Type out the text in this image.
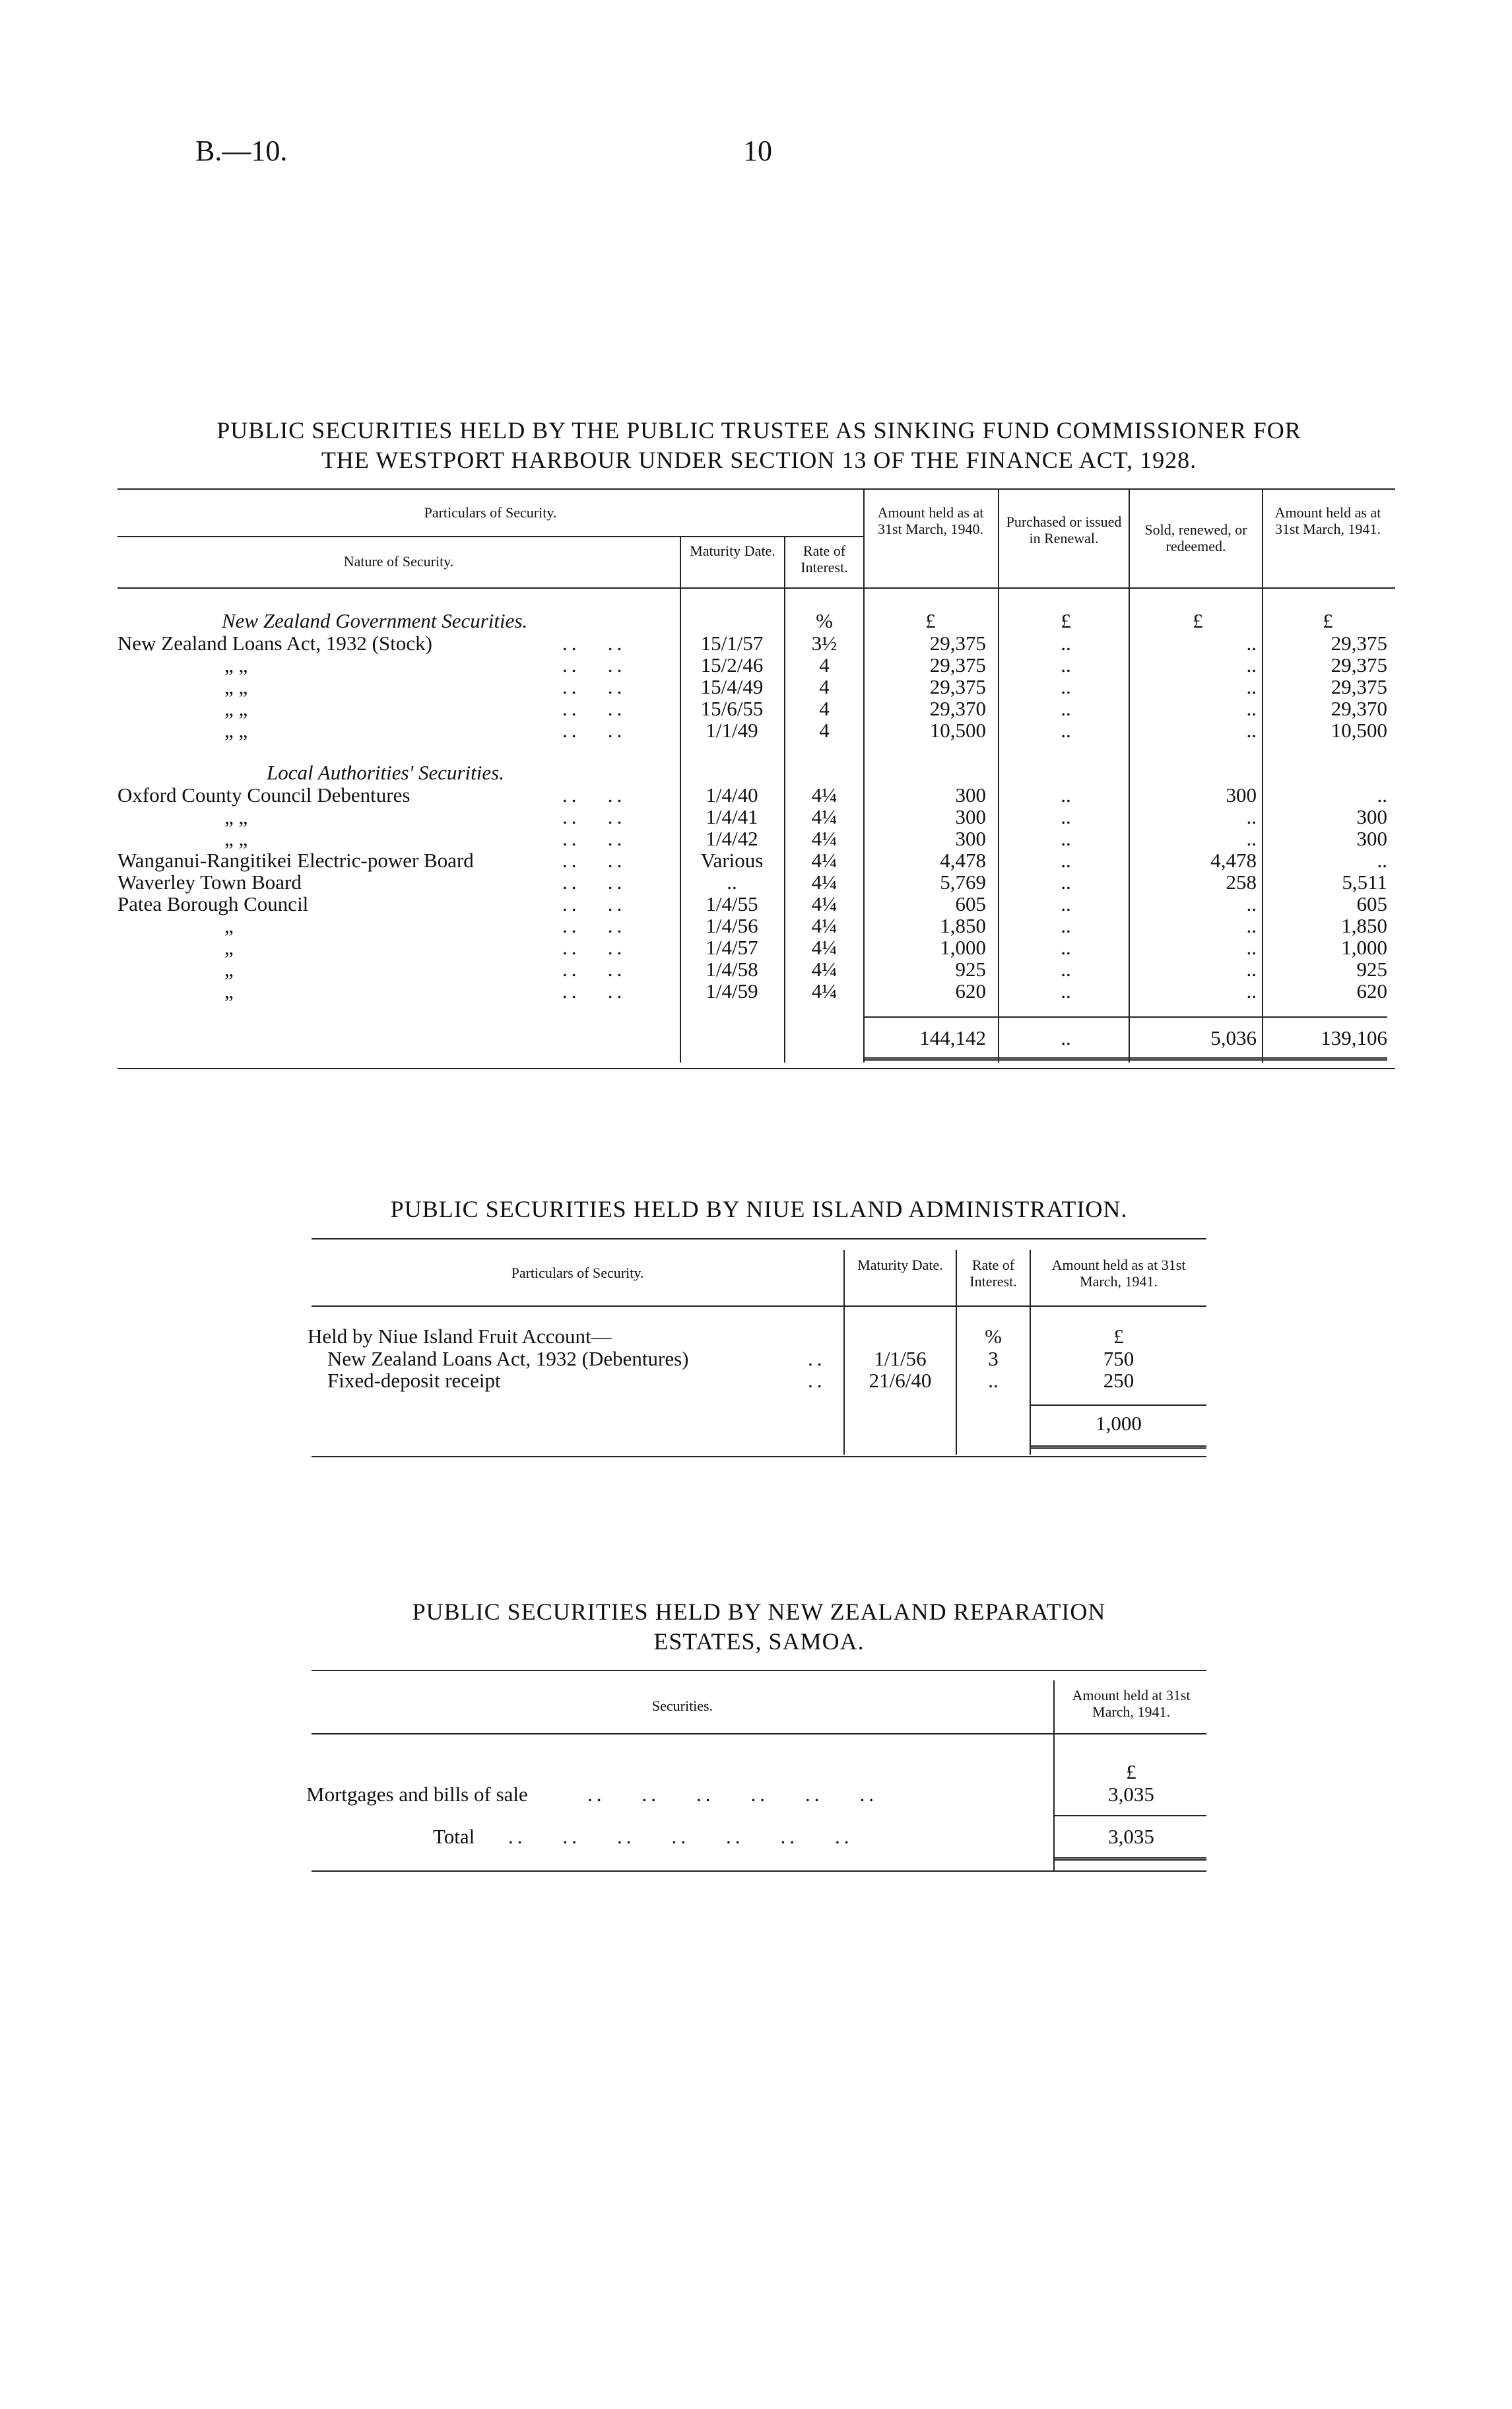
B.—10.	10
PUBLIC SECURITIES HELD BY THE PUBLIC TRUSTEE AS SINKING FUND COMMISSIONER FOR
THE WESTPORT HARBOUR UNDER SECTION 13 OF THE FINANCE ACT, 1928.
Particulars of Security.
Nature of Security.
Maturity Date.	Rate of Interest.
Amount held as at 31st March, 1940.	Purchased or issued in Renewal.
Sold, renewed, or redeemed.
Amount held as at 31st March, 1941.
%	£	£	£	£
New Zealand Government Securities.
Local Authorities' Securities.
New Zealand Loans Act, 1932 (Stock)	15/1/57	3½	29,375	..	..	29,375
..   ..
„ „	15/2/46	4	29,375	..	..	29,375
..   ..
„ „	15/4/49	4	29,375	..	..	29,375
..   ..
„ „	15/6/55	4	29,370	..	..	29,370
..   ..
„ „	1/1/49	4	10,500	..	..	10,500
..   ..
Oxford County Council Debentures	1/4/40	4¼	300	..	300	..
..   ..
„ „	1/4/41	4¼	300	..	..	300
..   ..
„ „	1/4/42	4¼	300	..	..	300
..   ..
Wanganui-Rangitikei Electric-power Board	Various	4¼	4,478	..	4,478	..
..   ..
Waverley Town Board	..	4¼	5,769	..	258	5,511
..   ..
Patea Borough Council	1/4/55	4¼	605	..	..	605
..   ..
„	1/4/56	4¼	1,850	..	..	1,850
..   ..
„	1/4/57	4¼	1,000	..	..	1,000
..   ..
„	1/4/58	4¼	925	..	..	925
..   ..
„	1/4/59	4¼	620	..	..	620
..   ..
144,142	..	5,036	139,106
PUBLIC SECURITIES HELD BY NIUE ISLAND ADMINISTRATION.
Particulars of Security.	Maturity Date.	Rate of Interest.
Amount held as at 31st March, 1941.
%	£
Held by Niue Island Fruit Account—
New Zealand Loans Act, 1932 (Debentures)	1/1/56	3	750
..
Fixed-deposit receipt	21/6/40	..	250
..
1,000
PUBLIC SECURITIES HELD BY NEW ZEALAND REPARATION
ESTATES, SAMOA.
Securities.
Amount held at 31st March, 1941.
£
Mortgages and bills of sale	..    ..    ..    ..    ..    ..	3,035
Total ..    ..    ..    ..    ..    ..    ..	3,035
